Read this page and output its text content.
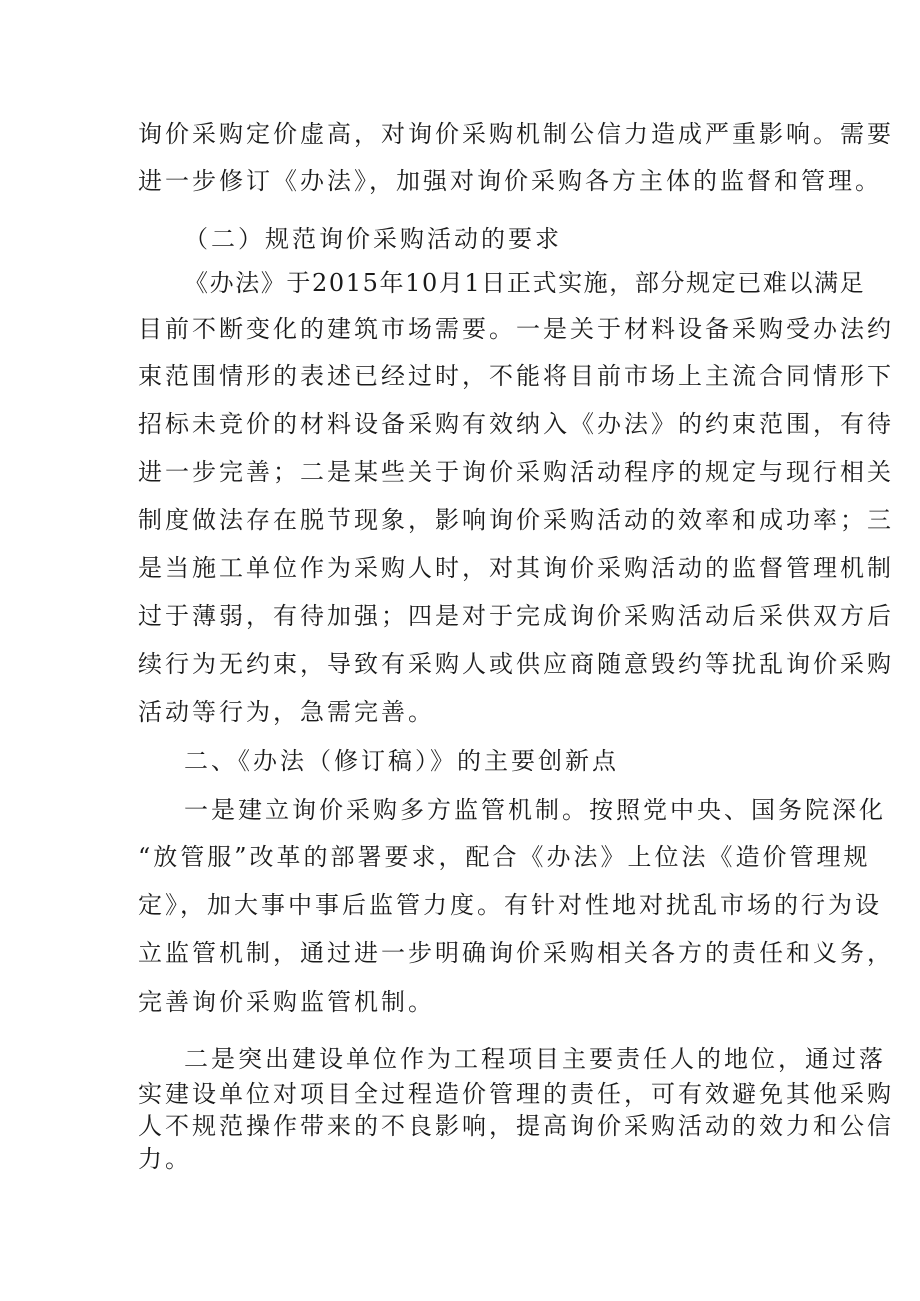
询价采购定价虚高，对询价采购机制公信力造成严重影响。需要

进一步修订《办法》，加强对询价采购各方主体的监督和管理。

（二）规范询价采购活动的要求

《办法》于2015年10月1日正式实施，部分规定已难以满足

目前不断变化的建筑市场需要。一是关于材料设备采购受办法约

束范围情形的表述已经过时，不能将目前市场上主流合同情形下

招标未竞价的材料设备采购有效纳入《办法》的约束范围，有待

进一步完善；二是某些关于询价采购活动程序的规定与现行相关

制度做法存在脱节现象，影响询价采购活动的效率和成功率；三

是当施工单位作为采购人时，对其询价采购活动的监督管理机制

过于薄弱，有待加强；四是对于完成询价采购活动后采供双方后

续行为无约束，导致有采购人或供应商随意毁约等扰乱询价采购

活动等行为，急需完善。

二、《办法（修订稿）》的主要创新点

一是建立询价采购多方监管机制。按照党中央、国务院深化

“放管服”改革的部署要求，配合《办法》上位法《造价管理规

定》，加大事中事后监管力度。有针对性地对扰乱市场的行为设

立监管机制，通过进一步明确询价采购相关各方的责任和义务，

完善询价采购监管机制。

二是突出建设单位作为工程项目主要责任人的地位，通过落

实建设单位对项目全过程造价管理的责任，可有效避免其他采购

人不规范操作带来的不良影响，提高询价采购活动的效力和公信

力。
